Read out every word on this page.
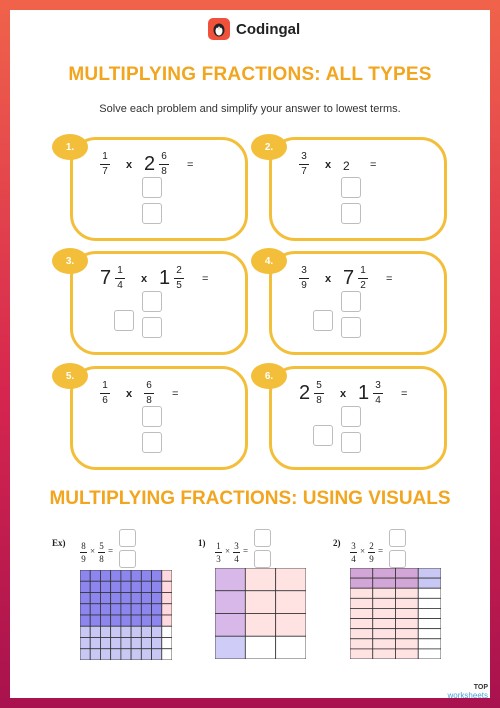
Codingal
MULTIPLYING FRACTIONS: ALL TYPES
Solve each problem and simplify your answer to lowest terms.
1.
1
7
x 2 6
8
=
2.
3
7
x 2 =
3.
7 1
4
x 1 2
5
=
4.
3
9
x 7 1
2
=
5.
1
6
x
6
8
=
6.
2 5
8
x 1 3
4
=
MULTIPLYING FRACTIONS: USING VISUALS
Ex) 8
9
× 5
8
=
1) 1
3
× 3
4
=
2) 3
4
× 2
9
=
TOP
worksheets
